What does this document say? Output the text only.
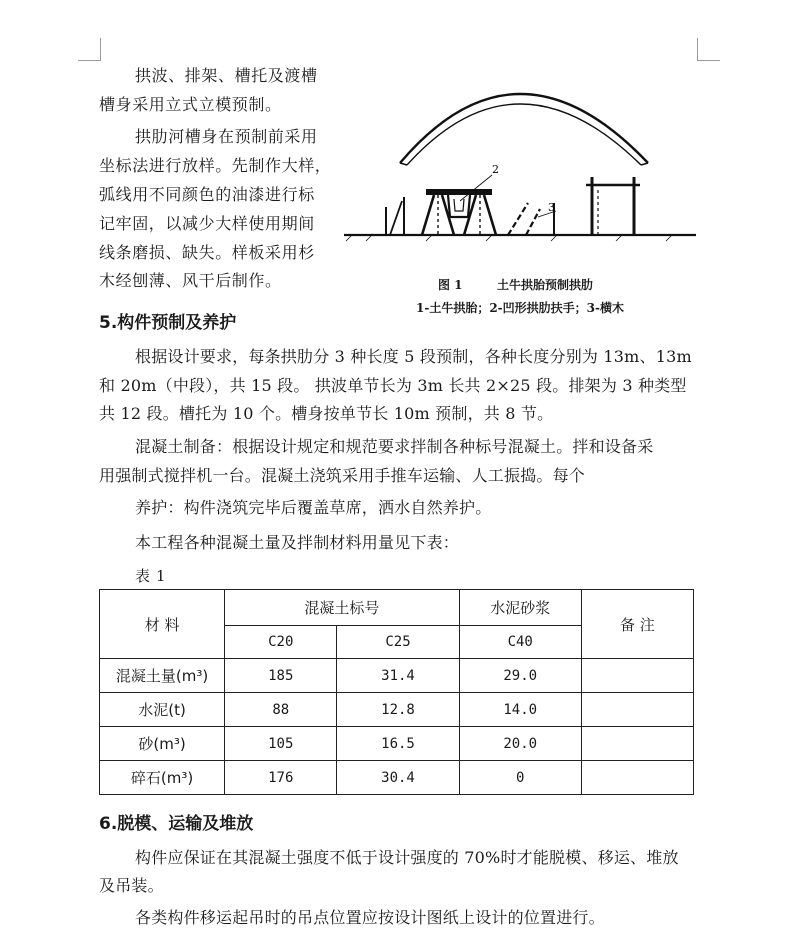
拱波、排架、槽托及渡槽
槽身采用立式立模预制。
拱肋河槽身在预制前采用
坐标法进行放样。先制作大样，
弧线用不同颜色的油漆进行标
记牢固，以减少大样使用期间
线条磨损、缺失。样板采用杉
木经刨薄、风干后制作。
2
3
图 1	土牛拱胎预制拱肋
1-土牛拱胎；2-凹形拱肋扶手；3-横木
5.构件预制及养护
根据设计要求，每条拱肋分 3 种长度 5 段预制，各种长度分别为 13m、13m
和 20m（中段），共 15 段。 拱波单节长为 3m 长共 2×25 段。排架为 3 种类型
共 12 段。槽托为 10 个。槽身按单节长 10m 预制，共 8 节。
混凝土制备：根据设计规定和规范要求拌制各种标号混凝土。拌和设备采
用强制式搅拌机一台。混凝土浇筑采用手推车运输、人工振捣。每个
养护：构件浇筑完毕后覆盖草席，洒水自然养护。
本工程各种混凝土量及拌制材料用量见下表：
表 1
材 料	混凝土标号		水泥砂浆	备 注
	C20	C25	C40	
混凝土量(m³)	185	31.4	29.0	
水泥(t)	88	12.8	14.0	
砂(m³)	105	16.5	20.0	
碎石(m³)	176	30.4	0	
6.脱模、运输及堆放
构件应保证在其混凝土强度不低于设计强度的 70%时才能脱模、移运、堆放
及吊装。
各类构件移运起吊时的吊点位置应按设计图纸上设计的位置进行。
